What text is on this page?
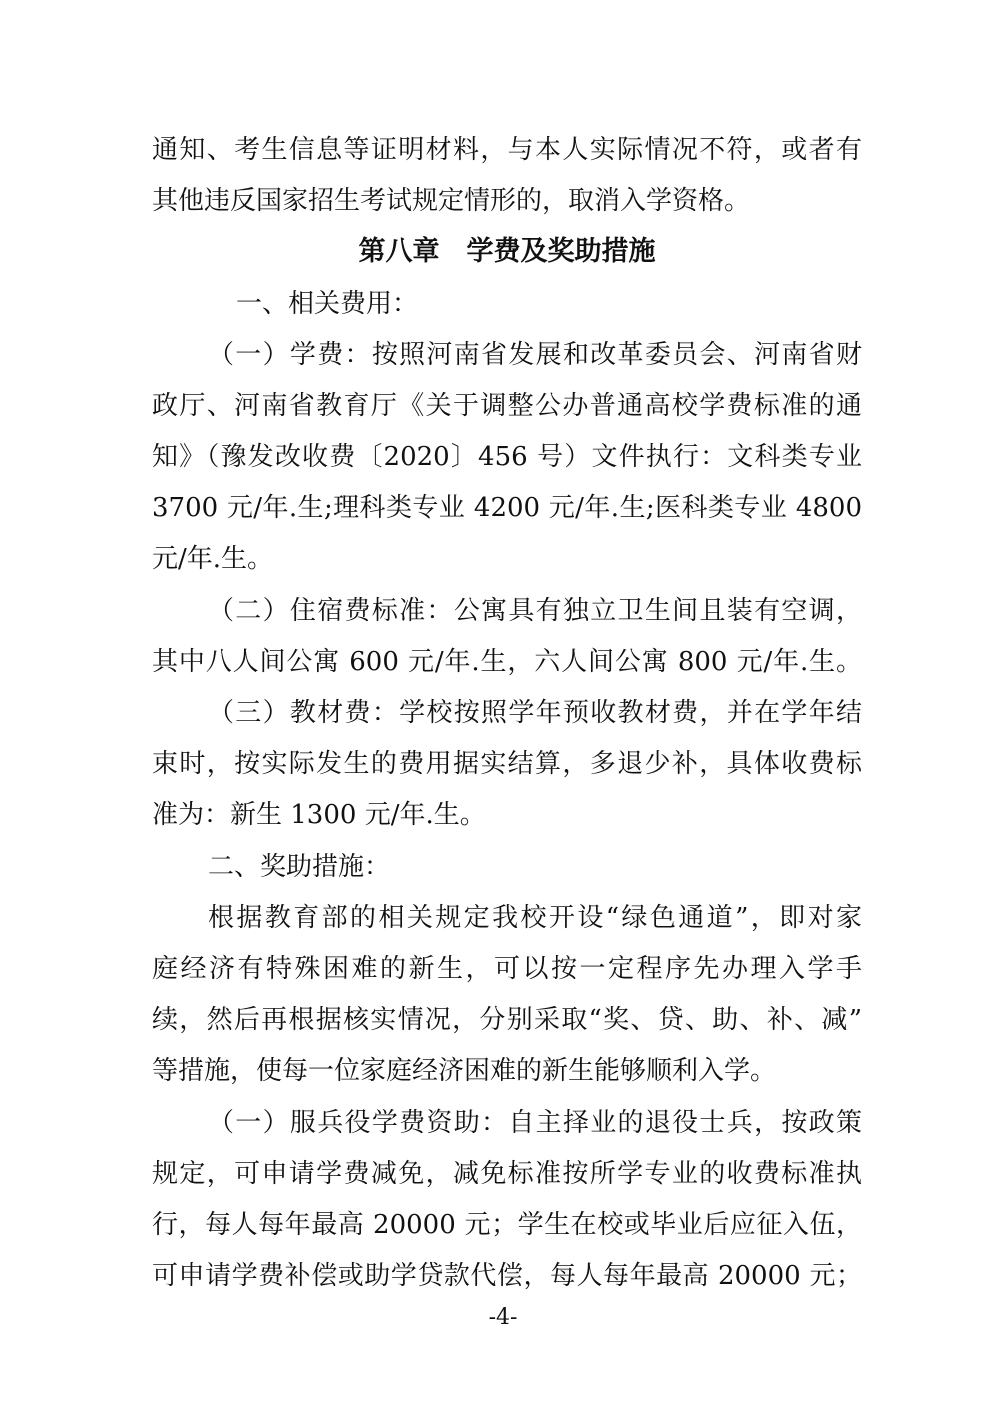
通知、考生信息等证明材料，与本人实际情况不符，或者有
其他违反国家招生考试规定情形的，取消入学资格。
第八章　学费及奖助措施
一、相关费用：
（一）学费：按照河南省发展和改革委员会、河南省财
政厅、河南省教育厅《关于调整公办普通高校学费标准的通
知》（豫发改收费〔2020〕456 号）文件执行：文科类专业
3700 元/年.生;理科类专业 4200 元/年.生;医科类专业 4800
元/年.生。
（二）住宿费标准：公寓具有独立卫生间且装有空调，
其中八人间公寓 600 元/年.生，六人间公寓 800 元/年.生。
（三）教材费：学校按照学年预收教材费，并在学年结
束时，按实际发生的费用据实结算，多退少补，具体收费标
准为：新生 1300 元/年.生。
二、奖助措施：
根据教育部的相关规定我校开设“绿色通道”，即对家
庭经济有特殊困难的新生，可以按一定程序先办理入学手
续，然后再根据核实情况，分别采取“奖、贷、助、补、减”
等措施，使每一位家庭经济困难的新生能够顺利入学。
（一）服兵役学费资助：自主择业的退役士兵，按政策
规定，可申请学费减免，减免标准按所学专业的收费标准执
行，每人每年最高 20000 元；学生在校或毕业后应征入伍，
可申请学费补偿或助学贷款代偿，每人每年最高 20000 元；
-4-
